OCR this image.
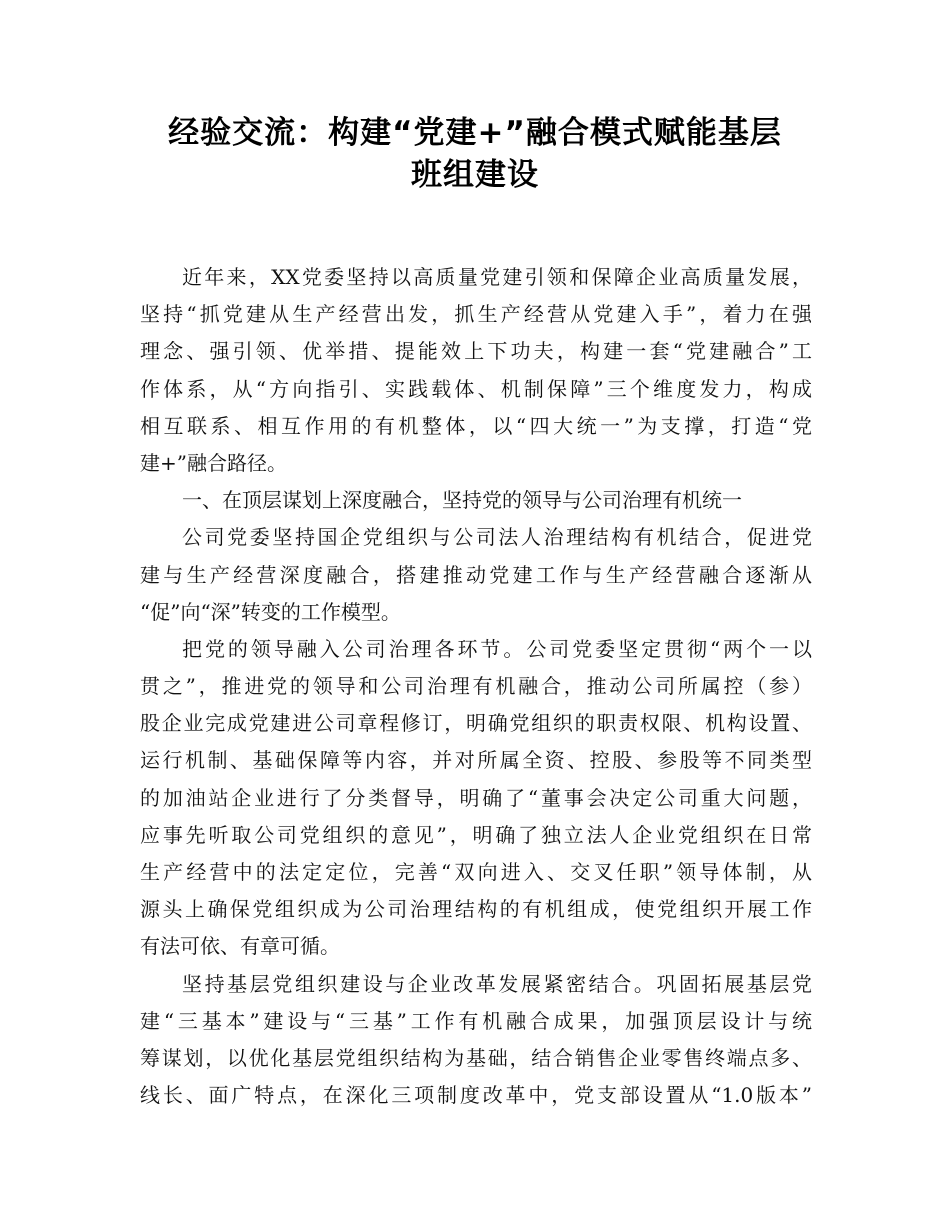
经验交流：构建“党建+”融合模式赋能基层
班组建设
近年来，XX党委坚持以高质量党建引领和保障企业高质量发展，
坚持“抓党建从生产经营出发，抓生产经营从党建入手”，着力在强
理念、强引领、优举措、提能效上下功夫，构建一套“党建融合”工
作体系，从“方向指引、实践载体、机制保障”三个维度发力，构成
相互联系、相互作用的有机整体，以“四大统一”为支撑，打造“党
建+”融合路径。
一、在顶层谋划上深度融合，坚持党的领导与公司治理有机统一
公司党委坚持国企党组织与公司法人治理结构有机结合，促进党
建与生产经营深度融合，搭建推动党建工作与生产经营融合逐渐从
“促”向“深”转变的工作模型。
把党的领导融入公司治理各环节。公司党委坚定贯彻“两个一以
贯之”，推进党的领导和公司治理有机融合，推动公司所属控（参）
股企业完成党建进公司章程修订，明确党组织的职责权限、机构设置、
运行机制、基础保障等内容，并对所属全资、控股、参股等不同类型
的加油站企业进行了分类督导，明确了“董事会决定公司重大问题，
应事先听取公司党组织的意见”，明确了独立法人企业党组织在日常
生产经营中的法定定位，完善“双向进入、交叉任职”领导体制，从
源头上确保党组织成为公司治理结构的有机组成，使党组织开展工作
有法可依、有章可循。
坚持基层党组织建设与企业改革发展紧密结合。巩固拓展基层党
建“三基本”建设与“三基”工作有机融合成果，加强顶层设计与统
筹谋划，以优化基层党组织结构为基础，结合销售企业零售终端点多、
线长、面广特点，在深化三项制度改革中，党支部设置从“1.0版本”
